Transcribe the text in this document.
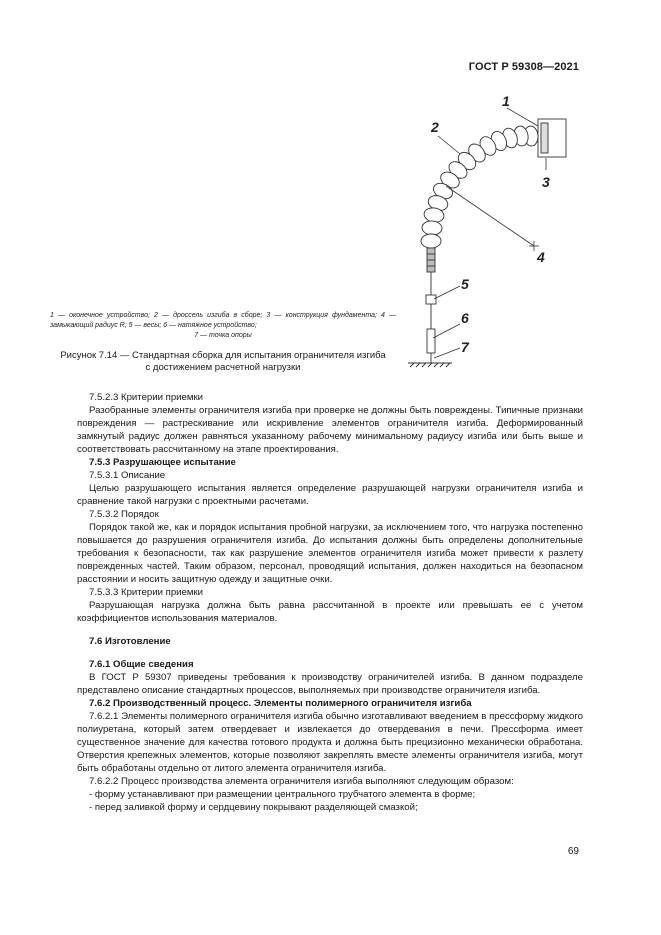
ГОСТ Р 59308—2021
1
2
3
4
5
6
7
1 — оконечное устройство; 2 — дроссель изгиба в сборе; 3 — конструкция фундамента; 4 — замыкающий радиус R; 5 — весы; 6 — натяжное устройство;
7 — точка опоры
Рисунок 7.14 — Стандартная сборка для испытания ограничителя изгиба
с достижением расчетной нагрузки

7.5.2.3 Критерии приемки

Разобранные элементы ограничителя изгиба при проверке не должны быть повреждены. Типичные признаки повреждения — растрескивание или искривление элементов ограничителя изгиба. Деформированный замкнутый радиус должен равняться указанному рабочему минимальному радиусу изгиба или быть выше и соответствовать рассчитанному на этапе проектирования.

7.5.3 Разрушающее испытание

7.5.3.1 Описание

Целью разрушающего испытания является определение разрушающей нагрузки ограничителя изгиба и сравнение такой нагрузки с проектными расчетами.

7.5.3.2 Порядок

Порядок такой же, как и порядок испытания пробной нагрузки, за исключением того, что нагрузка постепенно повышается до разрушения ограничителя изгиба. До испытания должны быть определены дополнительные требования к безопасности, так как разрушение элементов ограничителя изгиба может привести к разлету поврежденных частей. Таким образом, персонал, проводящий испытания, должен находиться на безопасном расстоянии и носить защитную одежду и защитные очки.

7.5.3.3 Критерии приемки

Разрушающая нагрузка должна быть равна рассчитанной в проекте или превышать ее с учетом коэффициентов использования материалов.

7.6 Изготовление

7.6.1 Общие сведения

В ГОСТ Р 59307 приведены требования к производству ограничителей изгиба. В данном подразделе представлено описание стандартных процессов, выполняемых при производстве ограничителя изгиба.

7.6.2 Производственный процесс. Элементы полимерного ограничителя изгиба

7.6.2.1 Элементы полимерного ограничителя изгиба обычно изготавливают введением в прессформу жидкого полиуретана, который затем отвердевает и извлекается до отвердевания в печи. Прессформа имеет существенное значение для качества готового продукта и должна быть прецизионно механически обработана. Отверстия крепежных элементов, которые позволяют закреплять вместе элементы ограничителя изгиба, могут быть обработаны отдельно от литого элемента ограничителя изгиба.

7.6.2.2 Процесс производства элемента ограничителя изгиба выполняют следующим образом:

- форму устанавливают при размещении центрального трубчатого элемента в форме;

- перед заливкой форму и сердцевину покрывают разделяющей смазкой;

69
